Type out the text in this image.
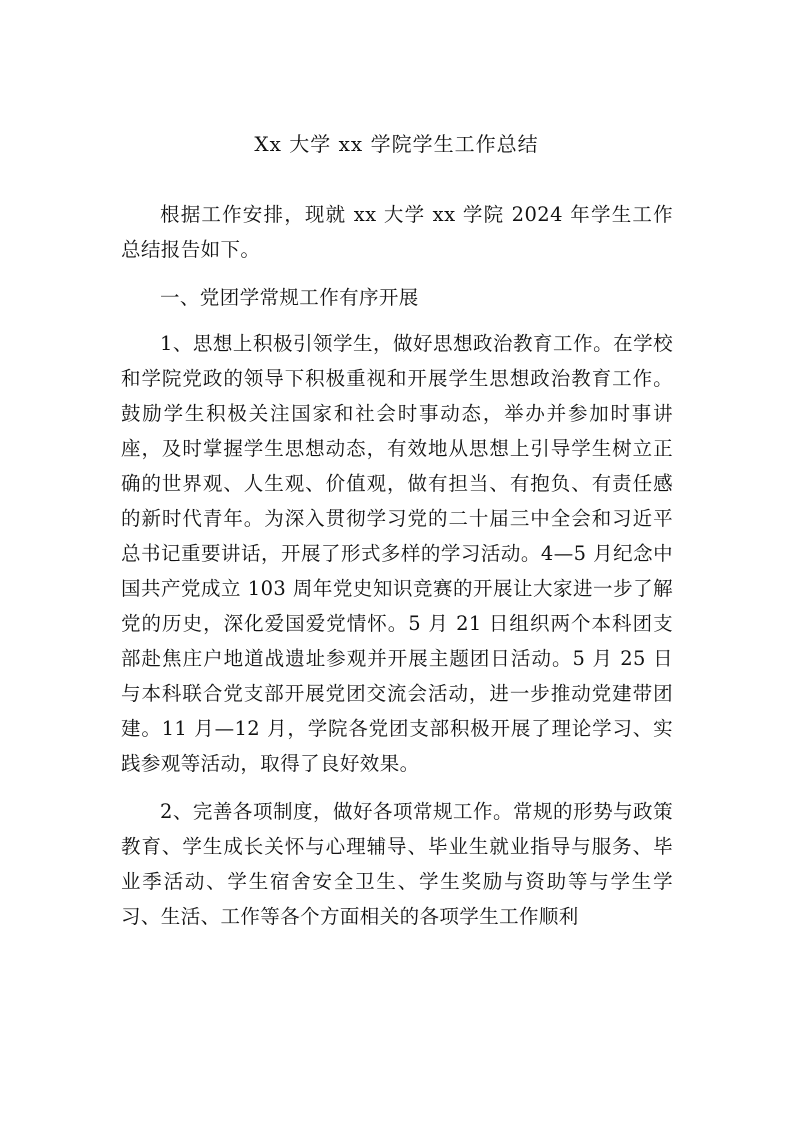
Xx 大学 xx 学院学生工作总结

根据工作安排，现就 xx 大学 xx 学院 2024 年学生工作总结报告如下。

一、党团学常规工作有序开展

1、思想上积极引领学生，做好思想政治教育工作。在学校和学院党政的领导下积极重视和开展学生思想政治教育工作。鼓励学生积极关注国家和社会时事动态，举办并参加时事讲座，及时掌握学生思想动态，有效地从思想上引导学生树立正确的世界观、人生观、价值观，做有担当、有抱负、有责任感的新时代青年。为深入贯彻学习党的二十届三中全会和习近平总书记重要讲话，开展了形式多样的学习活动。4—5 月纪念中国共产党成立 103 周年党史知识竞赛的开展让大家进一步了解党的历史，深化爱国爱党情怀。5 月 21 日组织两个本科团支部赴焦庄户地道战遗址参观并开展主题团日活动。5 月 25 日与本科联合党支部开展党团交流会活动，进一步推动党建带团建。11 月—12 月，学院各党团支部积极开展了理论学习、实践参观等活动，取得了良好效果。

2、完善各项制度，做好各项常规工作。常规的形势与政策教育、学生成长关怀与心理辅导、毕业生就业指导与服务、毕业季活动、学生宿舍安全卫生、学生奖励与资助等与学生学习、生活、工作等各个方面相关的各项学生工作顺利
